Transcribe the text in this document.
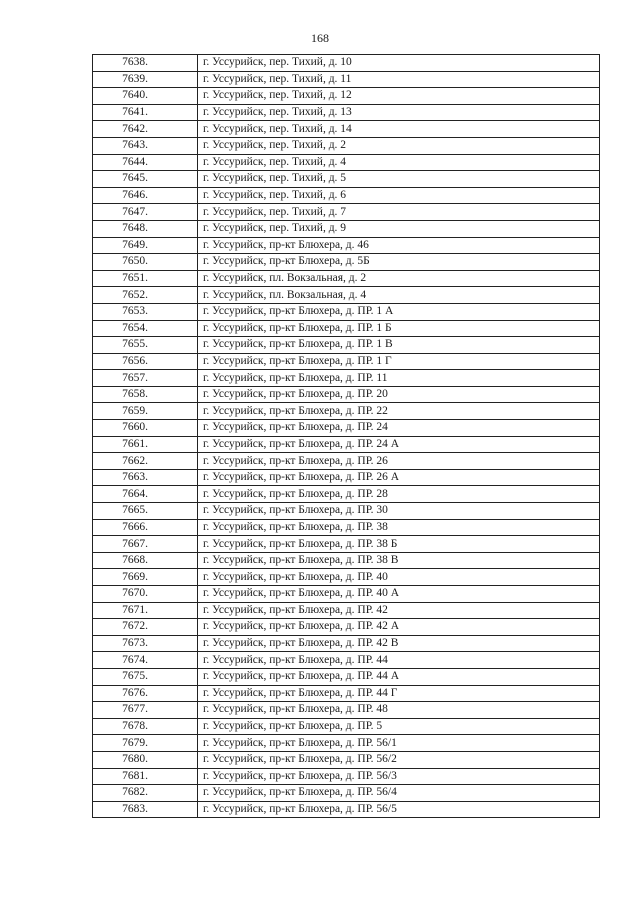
168
7638.	г. Уссурийск, пер. Тихий, д. 10
7639.	г. Уссурийск, пер. Тихий, д. 11
7640.	г. Уссурийск, пер. Тихий, д. 12
7641.	г. Уссурийск, пер. Тихий, д. 13
7642.	г. Уссурийск, пер. Тихий, д. 14
7643.	г. Уссурийск, пер. Тихий, д. 2
7644.	г. Уссурийск, пер. Тихий, д. 4
7645.	г. Уссурийск, пер. Тихий, д. 5
7646.	г. Уссурийск, пер. Тихий, д. 6
7647.	г. Уссурийск, пер. Тихий, д. 7
7648.	г. Уссурийск, пер. Тихий, д. 9
7649.	г. Уссурийск, пр-кт Блюхера, д. 46
7650.	г. Уссурийск, пр-кт Блюхера, д. 5Б
7651.	г. Уссурийск, пл. Вокзальная, д. 2
7652.	г. Уссурийск, пл. Вокзальная, д. 4
7653.	г. Уссурийск, пр-кт Блюхера, д. ПР. 1 А
7654.	г. Уссурийск, пр-кт Блюхера, д. ПР. 1 Б
7655.	г. Уссурийск, пр-кт Блюхера, д. ПР. 1 В
7656.	г. Уссурийск, пр-кт Блюхера, д. ПР. 1 Г
7657.	г. Уссурийск, пр-кт Блюхера, д. ПР. 11
7658.	г. Уссурийск, пр-кт Блюхера, д. ПР. 20
7659.	г. Уссурийск, пр-кт Блюхера, д. ПР. 22
7660.	г. Уссурийск, пр-кт Блюхера, д. ПР. 24
7661.	г. Уссурийск, пр-кт Блюхера, д. ПР. 24 А
7662.	г. Уссурийск, пр-кт Блюхера, д. ПР. 26
7663.	г. Уссурийск, пр-кт Блюхера, д. ПР. 26 А
7664.	г. Уссурийск, пр-кт Блюхера, д. ПР. 28
7665.	г. Уссурийск, пр-кт Блюхера, д. ПР. 30
7666.	г. Уссурийск, пр-кт Блюхера, д. ПР. 38
7667.	г. Уссурийск, пр-кт Блюхера, д. ПР. 38 Б
7668.	г. Уссурийск, пр-кт Блюхера, д. ПР. 38 В
7669.	г. Уссурийск, пр-кт Блюхера, д. ПР. 40
7670.	г. Уссурийск, пр-кт Блюхера, д. ПР. 40 А
7671.	г. Уссурийск, пр-кт Блюхера, д. ПР. 42
7672.	г. Уссурийск, пр-кт Блюхера, д. ПР. 42 А
7673.	г. Уссурийск, пр-кт Блюхера, д. ПР. 42 В
7674.	г. Уссурийск, пр-кт Блюхера, д. ПР. 44
7675.	г. Уссурийск, пр-кт Блюхера, д. ПР. 44 А
7676.	г. Уссурийск, пр-кт Блюхера, д. ПР. 44 Г
7677.	г. Уссурийск, пр-кт Блюхера, д. ПР. 48
7678.	г. Уссурийск, пр-кт Блюхера, д. ПР. 5
7679.	г. Уссурийск, пр-кт Блюхера, д. ПР. 56/1
7680.	г. Уссурийск, пр-кт Блюхера, д. ПР. 56/2
7681.	г. Уссурийск, пр-кт Блюхера, д. ПР. 56/3
7682.	г. Уссурийск, пр-кт Блюхера, д. ПР. 56/4
7683.	г. Уссурийск, пр-кт Блюхера, д. ПР. 56/5
